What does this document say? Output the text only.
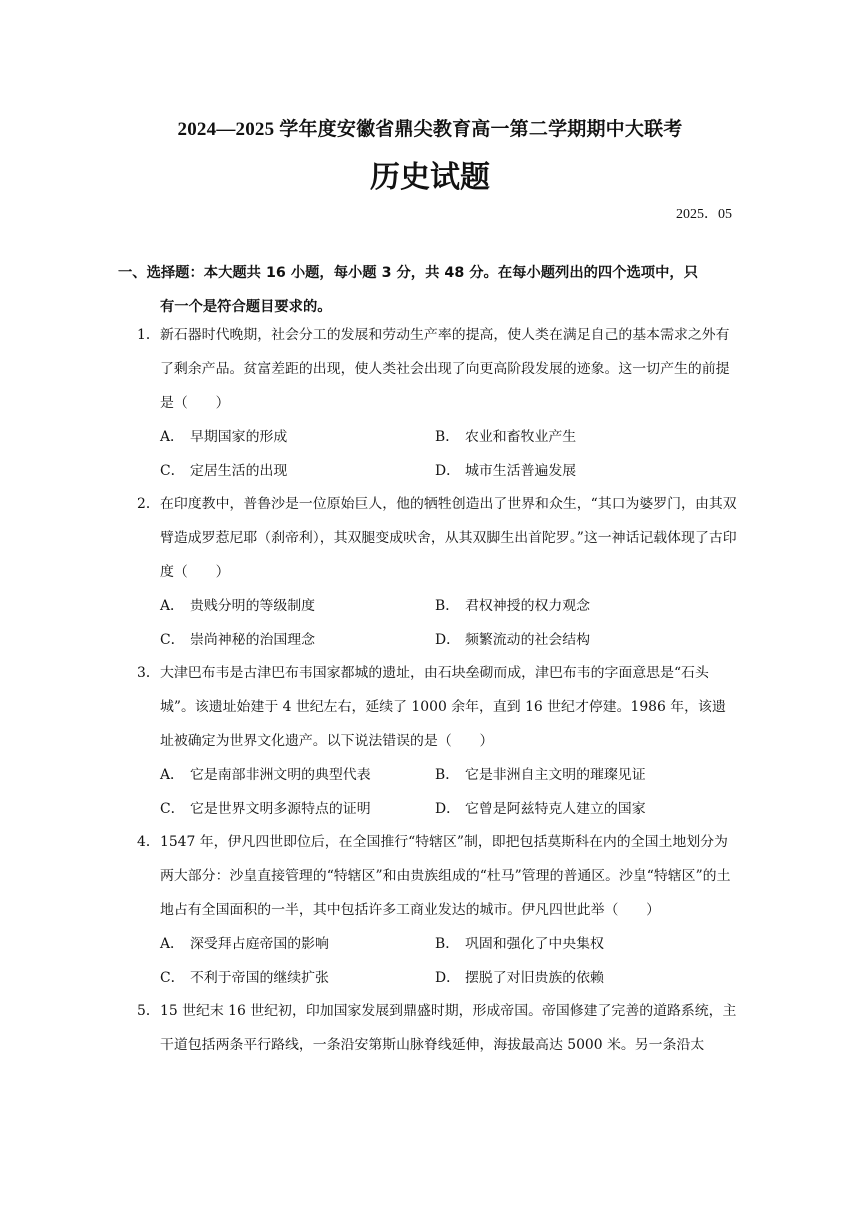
2024—2025 学年度安徽省鼎尖教育高一第二学期期中大联考
历史试题
2025．05
一、选择题：本大题共 16 小题，每小题 3 分，共 48 分。在每小题列出的四个选项中，只
有一个是符合题目要求的。
1． 新石器时代晚期，社会分工的发展和劳动生产率的提高，使人类在满足自己的基本需求之外有了剩余产品。贫富差距的出现，使人类社会出现了向更高阶段发展的迹象。这一切产生的前提是（　　）
A． 早期国家的形成	B． 农业和畜牧业产生
C． 定居生活的出现	D． 城市生活普遍发展
2． 在印度教中，普鲁沙是一位原始巨人，他的牺牲创造出了世界和众生，“其口为婆罗门，由其双臂造成罗惹尼耶（刹帝利），其双腿变成吠舍，从其双脚生出首陀罗。”这一神话记载体现了古印度（　　）
A． 贵贱分明的等级制度	B． 君权神授的权力观念
C． 崇尚神秘的治国理念	D． 频繁流动的社会结构
3． 大津巴布韦是古津巴布韦国家都城的遗址，由石块垒砌而成，津巴布韦的字面意思是“石头城”。该遗址始建于 4 世纪左右，延续了 1000 余年，直到 16 世纪才停建。1986 年，该遗址被确定为世界文化遗产。以下说法错误的是（　　）
A． 它是南部非洲文明的典型代表	B． 它是非洲自主文明的璀璨见证
C． 它是世界文明多源特点的证明	D． 它曾是阿兹特克人建立的国家
4． 1547 年，伊凡四世即位后，在全国推行“特辖区”制，即把包括莫斯科在内的全国土地划分为两大部分：沙皇直接管理的“特辖区”和由贵族组成的“杜马”管理的普通区。沙皇“特辖区”的土地占有全国面积的一半，其中包括许多工商业发达的城市。伊凡四世此举（　　）
A． 深受拜占庭帝国的影响	B． 巩固和强化了中央集权
C． 不利于帝国的继续扩张	D． 摆脱了对旧贵族的依赖
5． 15 世纪末 16 世纪初，印加国家发展到鼎盛时期，形成帝国。帝国修建了完善的道路系统，主干道包括两条平行路线，一条沿安第斯山脉脊线延伸，海拔最高达 5000 米。另一条沿太
